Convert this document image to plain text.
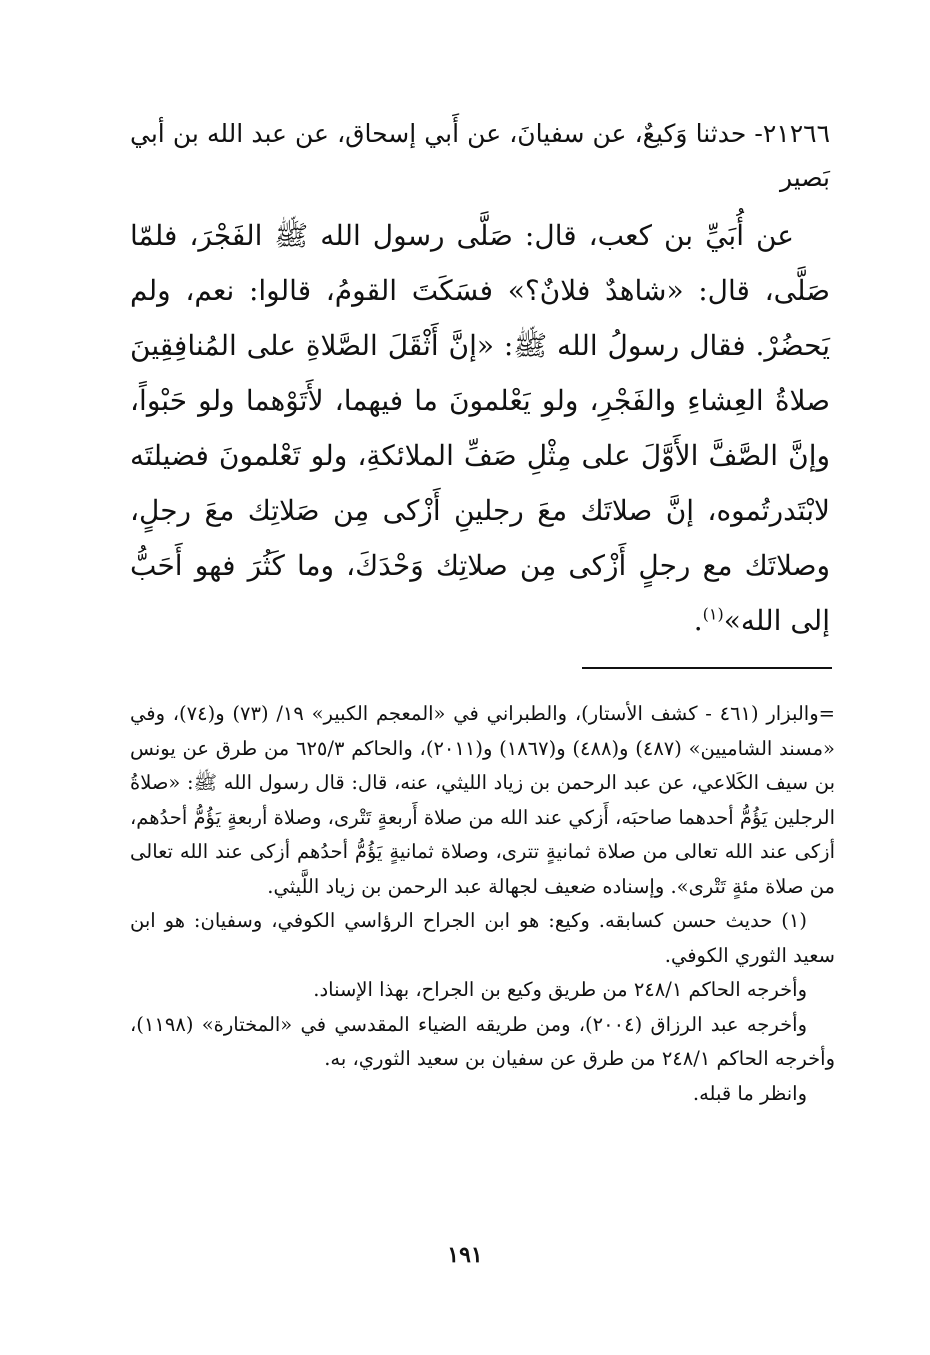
٢١٢٦٦- حدثنا وَكيعٌ، عن سفيانَ، عن أَبي إسحاق، عن عبد الله بن أبي بَصير

عن أُبَيِّ بن كعب، قال: صَلَّى رسول الله ﷺ الفَجْرَ، فلمّا صَلَّى، قال: «شاهدٌ فلانٌ؟» فسَكَتَ القومُ، قالوا: نعم، ولم يَحضُرْ. فقال رسولُ الله ﷺ: «إنَّ أَثْقَلَ الصَّلاةِ على المُنافِقِينَ صلاةُ العِشاءِ والفَجْرِ، ولو يَعْلمونَ ما فيهما، لأَتَوْهما ولو حَبْواً، وإنَّ الصَّفَّ الأَوَّلَ على مِثْلِ صَفِّ الملائكةِ، ولو تَعْلمونَ فضيلتَه لابْتَدرتُموه، إنَّ صلاتَك معَ رجلينِ أَزْكى مِن صَلاتِك معَ رجلٍ، وصلاتَك مع رجلٍ أَزْكى مِن صلاتِك وَحْدَكَ، وما كَثُرَ فهو أَحَبُّ إلى الله»$^{(١)}$.

=والبزار (٤٦١ - كشف الأستار)، والطبراني في «المعجم الكبير» ١٩/ (٧٣) و(٧٤)، وفي «مسند الشاميين» (٤٨٧) و(٤٨٨) و(١٨٦٧) و(٢٠١١)، والحاكم ٦٢٥/٣ من طرق عن يونس بن سيف الكَلاعي، عن عبد الرحمن بن زياد الليثي، عنه، قال: قال رسول الله ﷺ: «صلاةُ الرجلين يَؤُمُّ أحدهما صاحبَه، أَزكي عند الله من صلاة أَربعةٍ تَتْرى، وصلاة أربعةٍ يَؤُمُّ أحدُهم، أزكى عند الله تعالى من صلاة ثمانيةٍ تترى، وصلاة ثمانيةٍ يَؤُمُّ أحدُهم أزكى عند الله تعالى من صلاة مئةٍ تَتْرى». وإسناده ضعيف لجهالة عبد الرحمن بن زياد اللَّيثي.

(١) حديث حسن كسابقه. وكيع: هو ابن الجراح الرؤاسي الكوفي، وسفيان: هو ابن سعيد الثوري الكوفي.

وأخرجه الحاكم ٢٤٨/١ من طريق وكيع بن الجراح، بهذا الإسناد.

وأخرجه عبد الرزاق (٢٠٠٤)، ومن طريقه الضياء المقدسي في «المختارة» (١١٩٨)، وأخرجه الحاكم ٢٤٨/١ من طرق عن سفيان بن سعيد الثوري، به.

وانظر ما قبله.

١٩١
